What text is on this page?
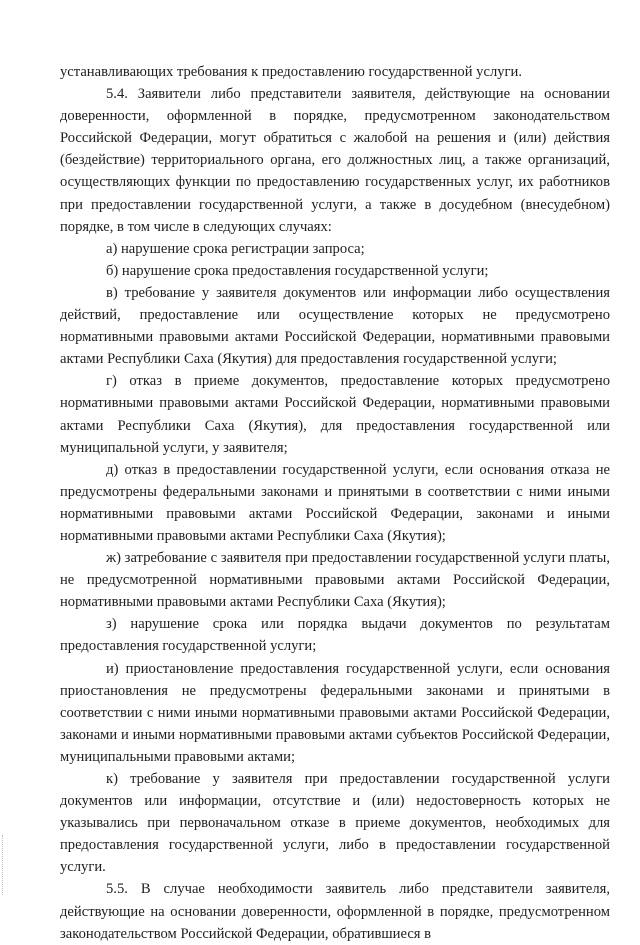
устанавливающих требования к предоставлению государственной услуги.

5.4. Заявители либо представители заявителя, действующие на основании доверенности, оформленной в порядке, предусмотренном законодательством Российской Федерации, могут обратиться с жалобой на решения и (или) действия (бездействие) территориального органа, его должностных лиц, а также организаций, осуществляющих функции по предоставлению государственных услуг, их работников при предоставлении государственной услуги, а также в досудебном (внесудебном) порядке, в том числе в следующих случаях:

а) нарушение срока регистрации запроса;

б) нарушение срока предоставления государственной услуги;

в) требование у заявителя документов или информации либо осуществления действий, предоставление или осуществление которых не предусмотрено нормативными правовыми актами Российской Федерации, нормативными правовыми актами Республики Саха (Якутия) для предоставления государственной услуги;

г) отказ в приеме документов, предоставление которых предусмотрено нормативными правовыми актами Российской Федерации, нормативными правовыми актами Республики Саха (Якутия), для предоставления государственной или муниципальной услуги, у заявителя;

д) отказ в предоставлении государственной услуги, если основания отказа не предусмотрены федеральными законами и принятыми в соответствии с ними иными нормативными правовыми актами Российской Федерации, законами и иными нормативными правовыми актами Республики Саха (Якутия);

ж) затребование с заявителя при предоставлении государственной услуги платы, не предусмотренной нормативными правовыми актами Российской Федерации, нормативными правовыми актами Республики Саха (Якутия);

з) нарушение срока или порядка выдачи документов по результатам предоставления государственной услуги;

и) приостановление предоставления государственной услуги, если основания приостановления не предусмотрены федеральными законами и принятыми в соответствии с ними иными нормативными правовыми актами Российской Федерации, законами и иными нормативными правовыми актами субъектов Российской Федерации, муниципальными правовыми актами;

к) требование у заявителя при предоставлении государственной услуги документов или информации, отсутствие и (или) недостоверность которых не указывались при первоначальном отказе в приеме документов, необходимых для предоставления государственной услуги, либо в предоставлении государственной услуги.

5.5. В случае необходимости заявитель либо представители заявителя, действующие на основании доверенности, оформленной в порядке, предусмотренном законодательством Российской Федерации, обратившиеся в
